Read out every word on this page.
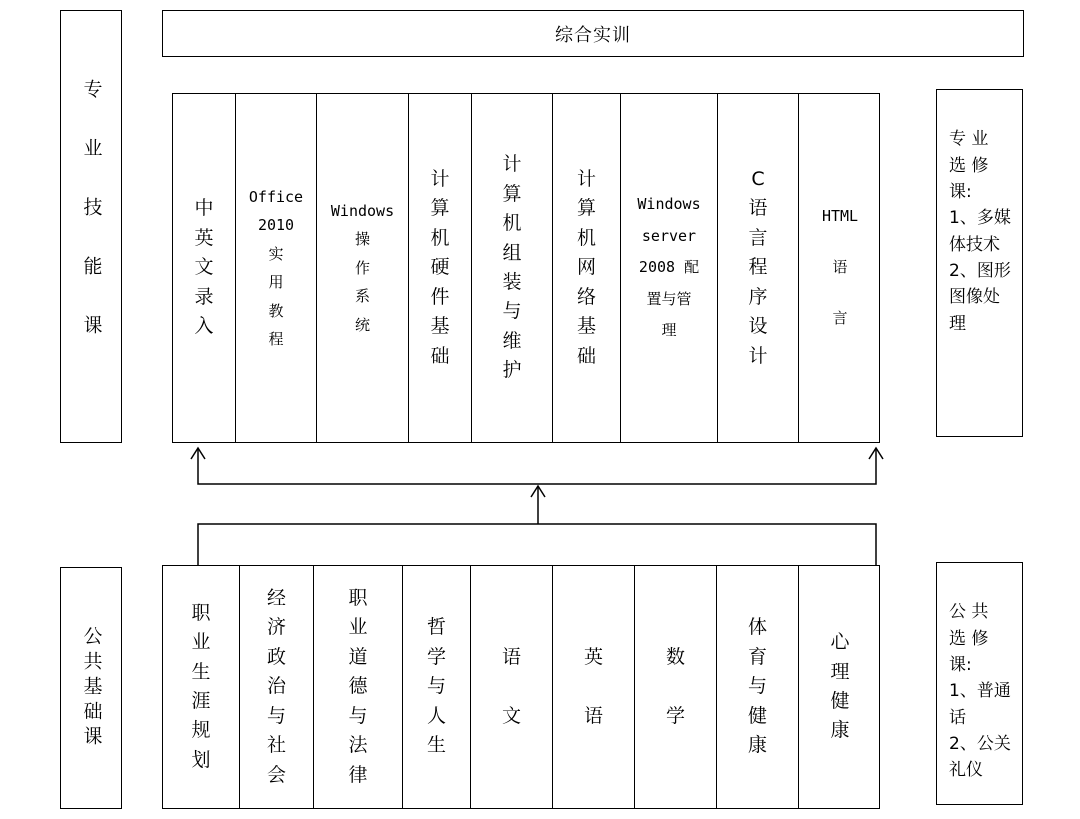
综合实训
专业技能课
公共基础课

专 业
选 修
课:
1、多媒
体技术
2、图形
图像处
理

公 共
选 修
课:
1、普通
话
2、公关
礼仪

中
英
文
录
入
Office
2010
实
用
教
程
Windows
操
作
系
统
计
算
机
硬
件
基
础
计
算
机
组
装
与
维
护
计
算
机
网
络
基
础
Windows
server
2008 配
置与管
理
C
语
言
程
序
设
计
HTML

语

言
职
业
生
涯
规
划
经
济
政
治
与
社
会
职
业
道
德
与
法
律
哲
学
与
人
生
语

文
英

语
数

学
体
育
与
健
康
心
理
健
康
